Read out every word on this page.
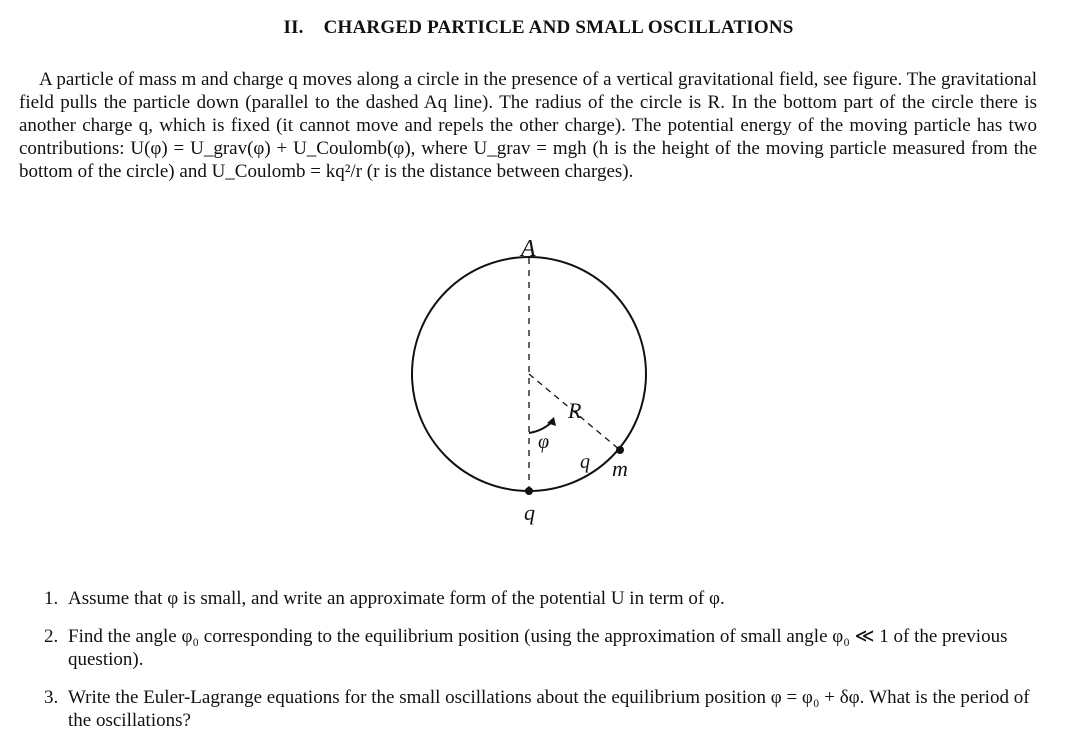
II. CHARGED PARTICLE AND SMALL OSCILLATIONS

A particle of mass m and charge q moves along a circle in the presence of a vertical gravitational field, see figure. The gravitational field pulls the particle down (parallel to the dashed Aq line). The radius of the circle is R. In the bottom part of the circle there is another charge q, which is fixed (it cannot move and repels the other charge). The potential energy of the moving particle has two contributions: U(φ) = U_grav(φ) + U_Coulomb(φ), where U_grav = mgh (h is the height of the moving particle measured from the bottom of the circle) and U_Coulomb = kq²/r (r is the distance between charges).

A
R
φ
q
q m
1. Assume that φ is small, and write an approximate form of the potential U in term of φ.
2. Find the angle φ₀ corresponding to the equilibrium position (using the approximation of small angle φ₀ ≪ 1 of the previous question).
3. Write the Euler-Lagrange equations for the small oscillations about the equilibrium position φ = φ₀ + δφ. What is the period of the oscillations?
